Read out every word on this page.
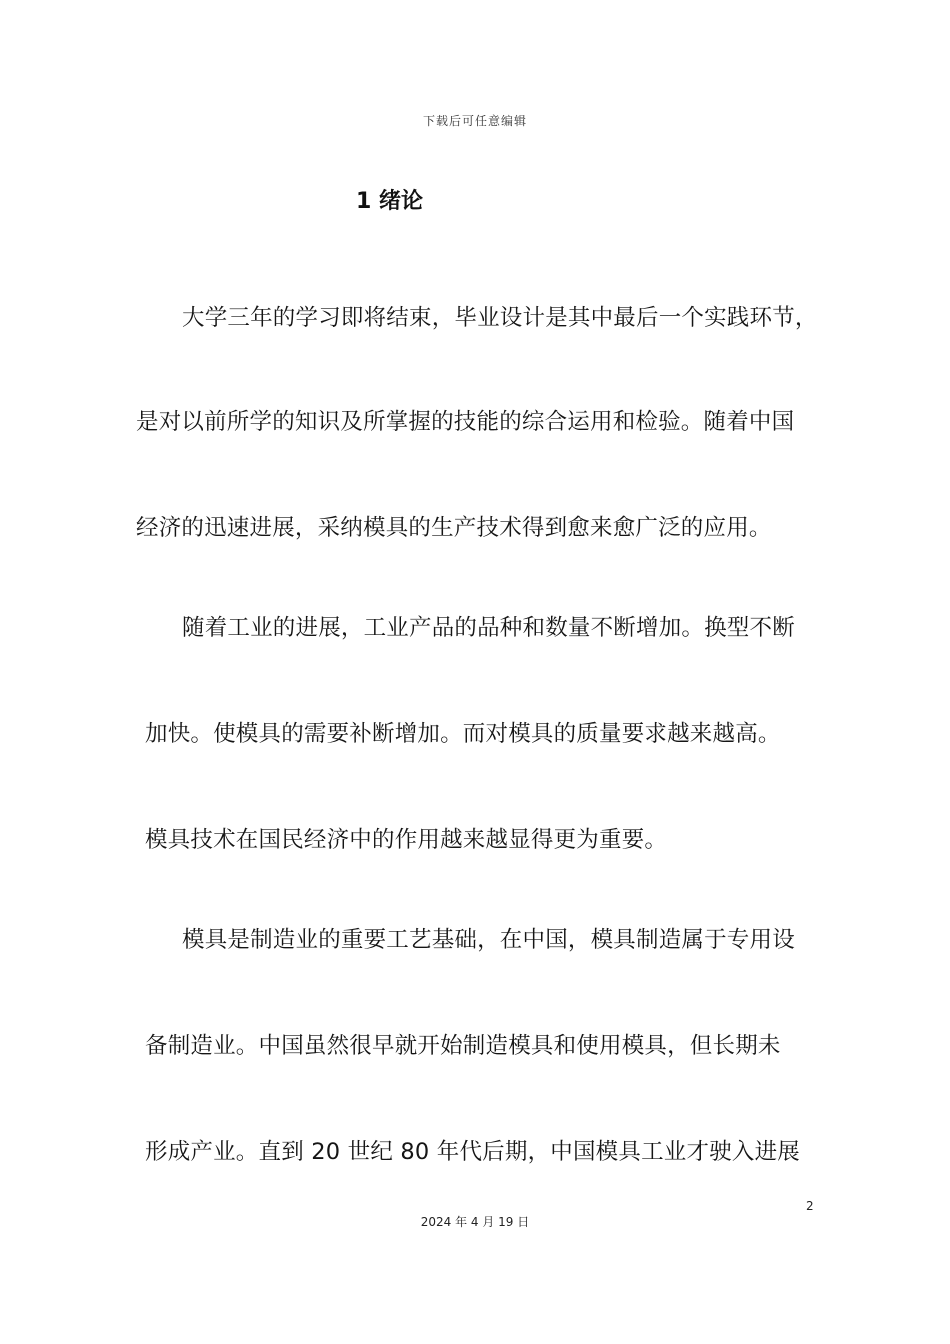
下载后可任意编辑
1 绪论
大学三年的学习即将结束，毕业设计是其中最后一个实践环节，
是对以前所学的知识及所掌握的技能的综合运用和检验。随着中国
经济的迅速进展，采纳模具的生产技术得到愈来愈广泛的应用。
随着工业的进展，工业产品的品种和数量不断增加。换型不断
加快。使模具的需要补断增加。而对模具的质量要求越来越高。
模具技术在国民经济中的作用越来越显得更为重要。
模具是制造业的重要工艺基础，在中国，模具制造属于专用设
备制造业。中国虽然很早就开始制造模具和使用模具，但长期未
形成产业。直到 20 世纪 80 年代后期，中国模具工业才驶入进展
2
2024 年 4 月 19 日
